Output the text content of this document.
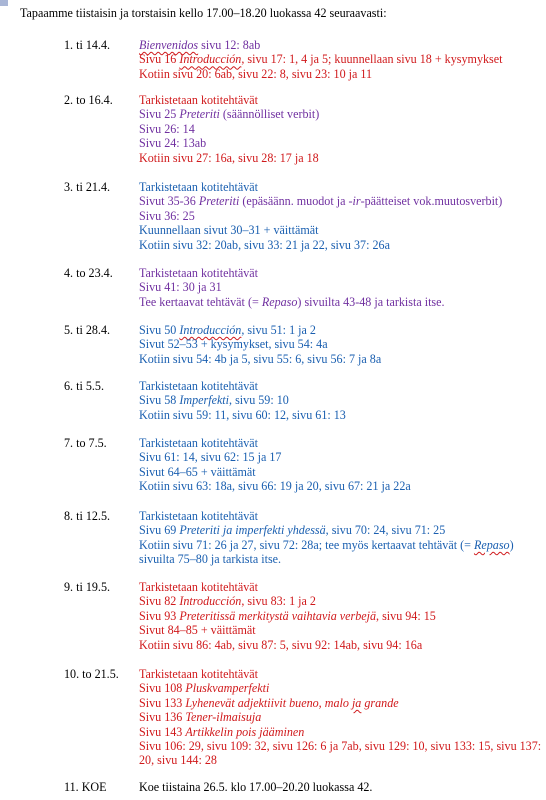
Tapaamme tiistaisin ja torstaisin kello 17.00–18.20 luokassa 42 seuraavasti:
1. ti 14.4. Bienvenidos sivu 12: 8ab
Sivu 16 Introducción, sivu 17: 1, 4 ja 5; kuunnellaan sivu 18 + kysymykset
Kotiin sivu 20: 6ab, sivu 22: 8, sivu 23: 10 ja 11
2. to 16.4. Tarkistetaan kotitehtävät
Sivu 25 Preteriti (säännölliset verbit)
Sivu 26: 14
Sivu 24: 13ab
Kotiin sivu 27: 16a, sivu 28: 17 ja 18
3. ti 21.4. Tarkistetaan kotitehtävät
Sivut 35-36 Preteriti (epäsäänn. muodot ja -ir-päätteiset vok.muutosverbit)
Sivu 36: 25
Kuunnellaan sivut 30–31 + väittämät
Kotiin sivu 32: 20ab, sivu 33: 21 ja 22, sivu 37: 26a
4. to 23.4. Tarkistetaan kotitehtävät
Sivu 41: 30 ja 31
Tee kertaavat tehtävät (= Repaso) sivuilta 43-48 ja tarkista itse.
5. ti 28.4. Sivu 50 Introducción, sivu 51: 1 ja 2
Sivut 52–53 + kysymykset, sivu 54: 4a
Kotiin sivu 54: 4b ja 5, sivu 55: 6, sivu 56: 7 ja 8a
6. ti 5.5.	Tarkistetaan kotitehtävät
Sivu 58 Imperfekti, sivu 59: 10
Kotiin sivu 59: 11, sivu 60: 12, sivu 61: 13
7. to 7.5.	Tarkistetaan kotitehtävät
Sivu 61: 14, sivu 62: 15 ja 17
Sivut 64–65 + väittämät
Kotiin sivu 63: 18a, sivu 66: 19 ja 20, sivu 67: 21 ja 22a
8. ti 12.5. Tarkistetaan kotitehtävät
Sivu 69 Preteriti ja imperfekti yhdessä, sivu 70: 24, sivu 71: 25
Kotiin sivu 71: 26 ja 27, sivu 72: 28a; tee myös kertaavat tehtävät (= Repaso) sivuilta 75–80 ja tarkista itse.
9. ti 19.5. Tarkistetaan kotitehtävät
Sivu 82 Introducción, sivu 83: 1 ja 2
Sivu 93 Preteritissä merkitystä vaihtavia verbejä, sivu 94: 15
Sivut 84–85 + väittämät
Kotiin sivu 86: 4ab, sivu 87: 5, sivu 92: 14ab, sivu 94: 16a
10. to 21.5. Tarkistetaan kotitehtävät
Sivu 108 Pluskvamperfekti
Sivu 133 Lyhenevät adjektiivit bueno, malo ja grande
Sivu 136 Tener-ilmaisuja
Sivu 143 Artikkelin pois jääminen
Sivu 106: 29, sivu 109: 32, sivu 126: 6 ja 7ab, sivu 129: 10, sivu 133: 15, sivu 137: 20, sivu 144: 28
11. KOE	Koe tiistaina 26.5. klo 17.00–20.20 luokassa 42.
